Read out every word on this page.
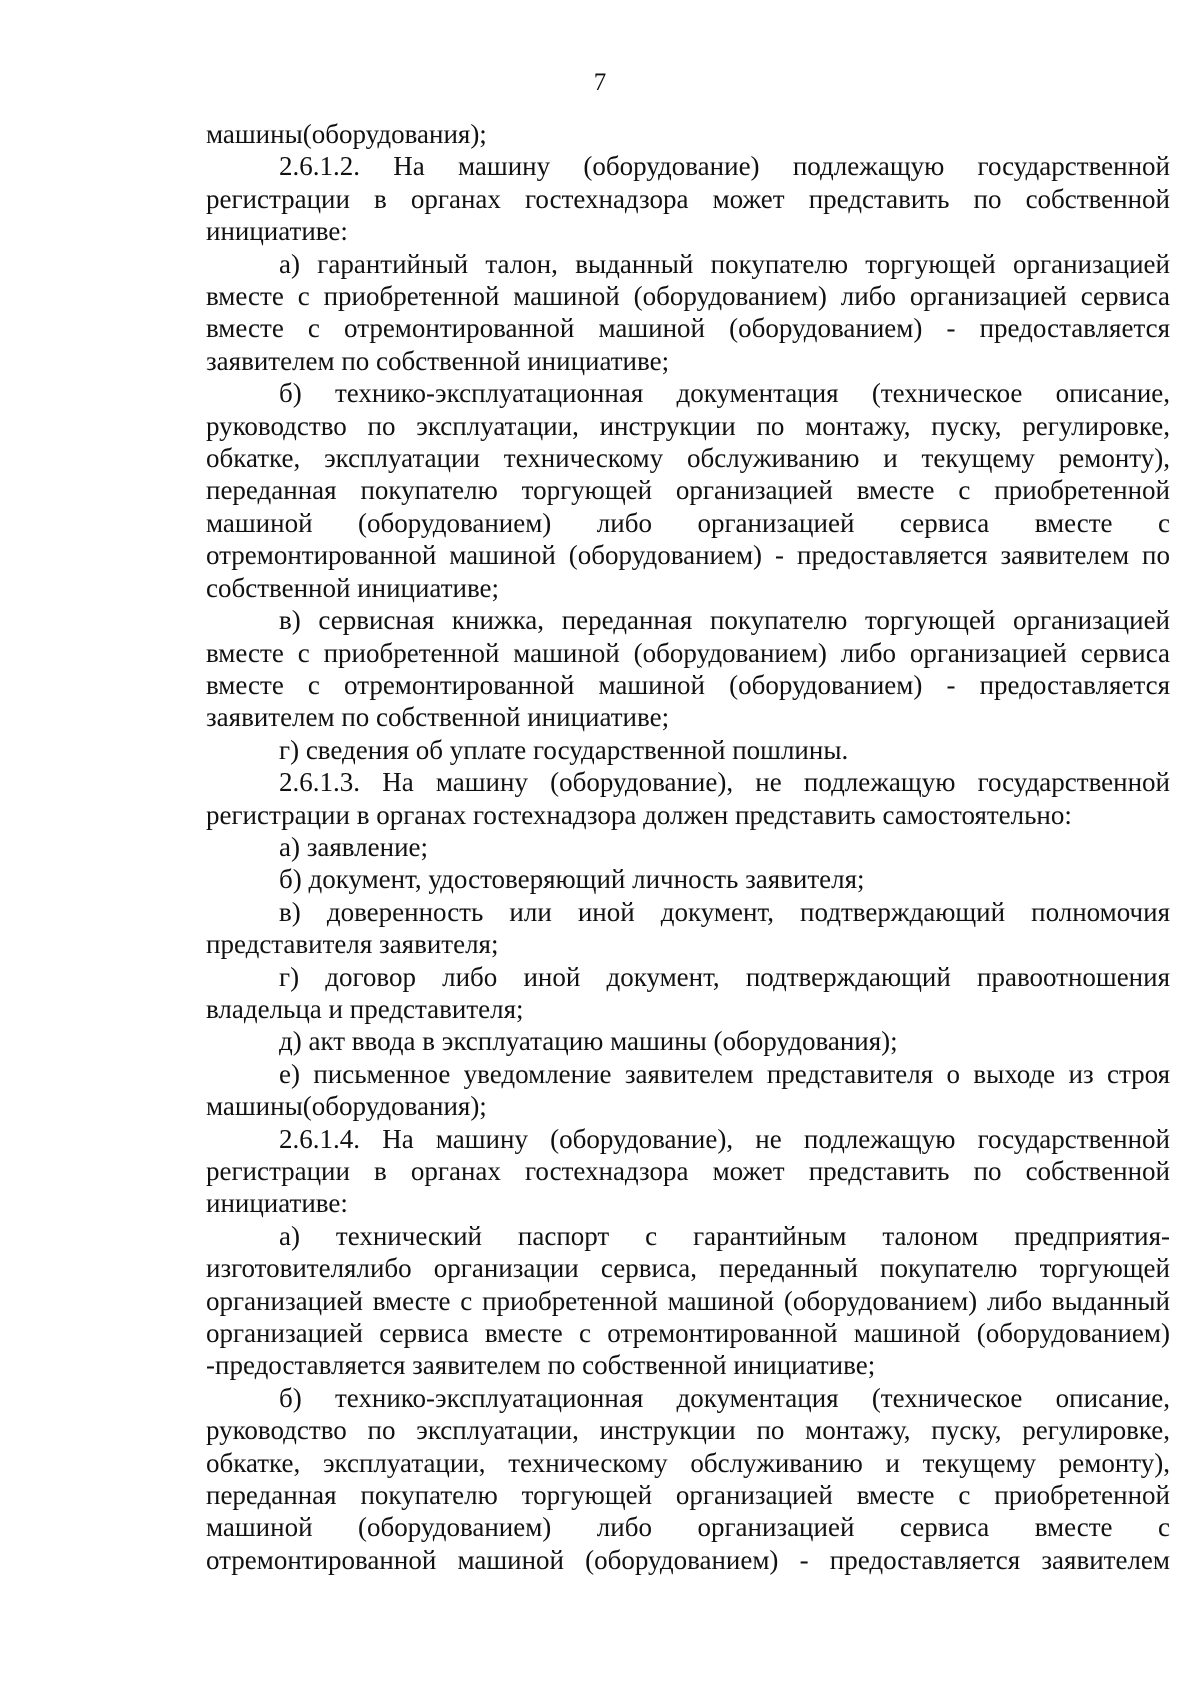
7

машины(оборудования);

2.6.1.2. На машину (оборудование) подлежащую государственной регистрации в органах гостехнадзора может представить по собственной инициативе:

а) гарантийный талон, выданный покупателю торгующей организацией вместе с приобретенной машиной (оборудованием) либо организацией сервиса вместе с отремонтированной машиной (оборудованием) - предоставляется заявителем по собственной инициативе;

б) технико-эксплуатационная документация (техническое описание, руководство по эксплуатации, инструкции по монтажу, пуску, регулировке, обкатке, эксплуатации техническому обслуживанию и текущему ремонту), переданная покупателю торгующей организацией вместе с приобретенной машиной (оборудованием) либо организацией сервиса вместе с отремонтированной машиной (оборудованием) - предоставляется заявителем по собственной инициативе;

в) сервисная книжка, переданная покупателю торгующей организацией вместе с приобретенной машиной (оборудованием) либо организацией сервиса вместе с отремонтированной машиной (оборудованием) - предоставляется заявителем по собственной инициативе;

г) сведения об уплате государственной пошлины.

2.6.1.3. На машину (оборудование), не подлежащую государственной регистрации в органах гостехнадзора должен представить самостоятельно:

а) заявление;

б) документ, удостоверяющий личность заявителя;

в) доверенность или иной документ, подтверждающий полномочия представителя заявителя;

г) договор либо иной документ, подтверждающий правоотношения владельца и представителя;

д) акт ввода в эксплуатацию машины (оборудования);

е) письменное уведомление заявителем представителя о выходе из строя машины(оборудования);

2.6.1.4. На машину (оборудование), не подлежащую государственной регистрации в органах гостехнадзора может представить по собственной инициативе:

а) технический паспорт с гарантийным талоном предприятия-изготовителялибо организации сервиса, переданный покупателю торгующей организацией вместе с приобретенной машиной (оборудованием) либо выданный организацией сервиса вместе с отремонтированной машиной (оборудованием) -предоставляется заявителем по собственной инициативе;

б) технико-эксплуатационная документация (техническое описание, руководство по эксплуатации, инструкции по монтажу, пуску, регулировке, обкатке, эксплуатации, техническому обслуживанию и текущему ремонту), переданная покупателю торгующей организацией вместе с приобретенной машиной (оборудованием) либо организацией сервиса вместе с отремонтированной машиной (оборудованием) - предоставляется заявителем
